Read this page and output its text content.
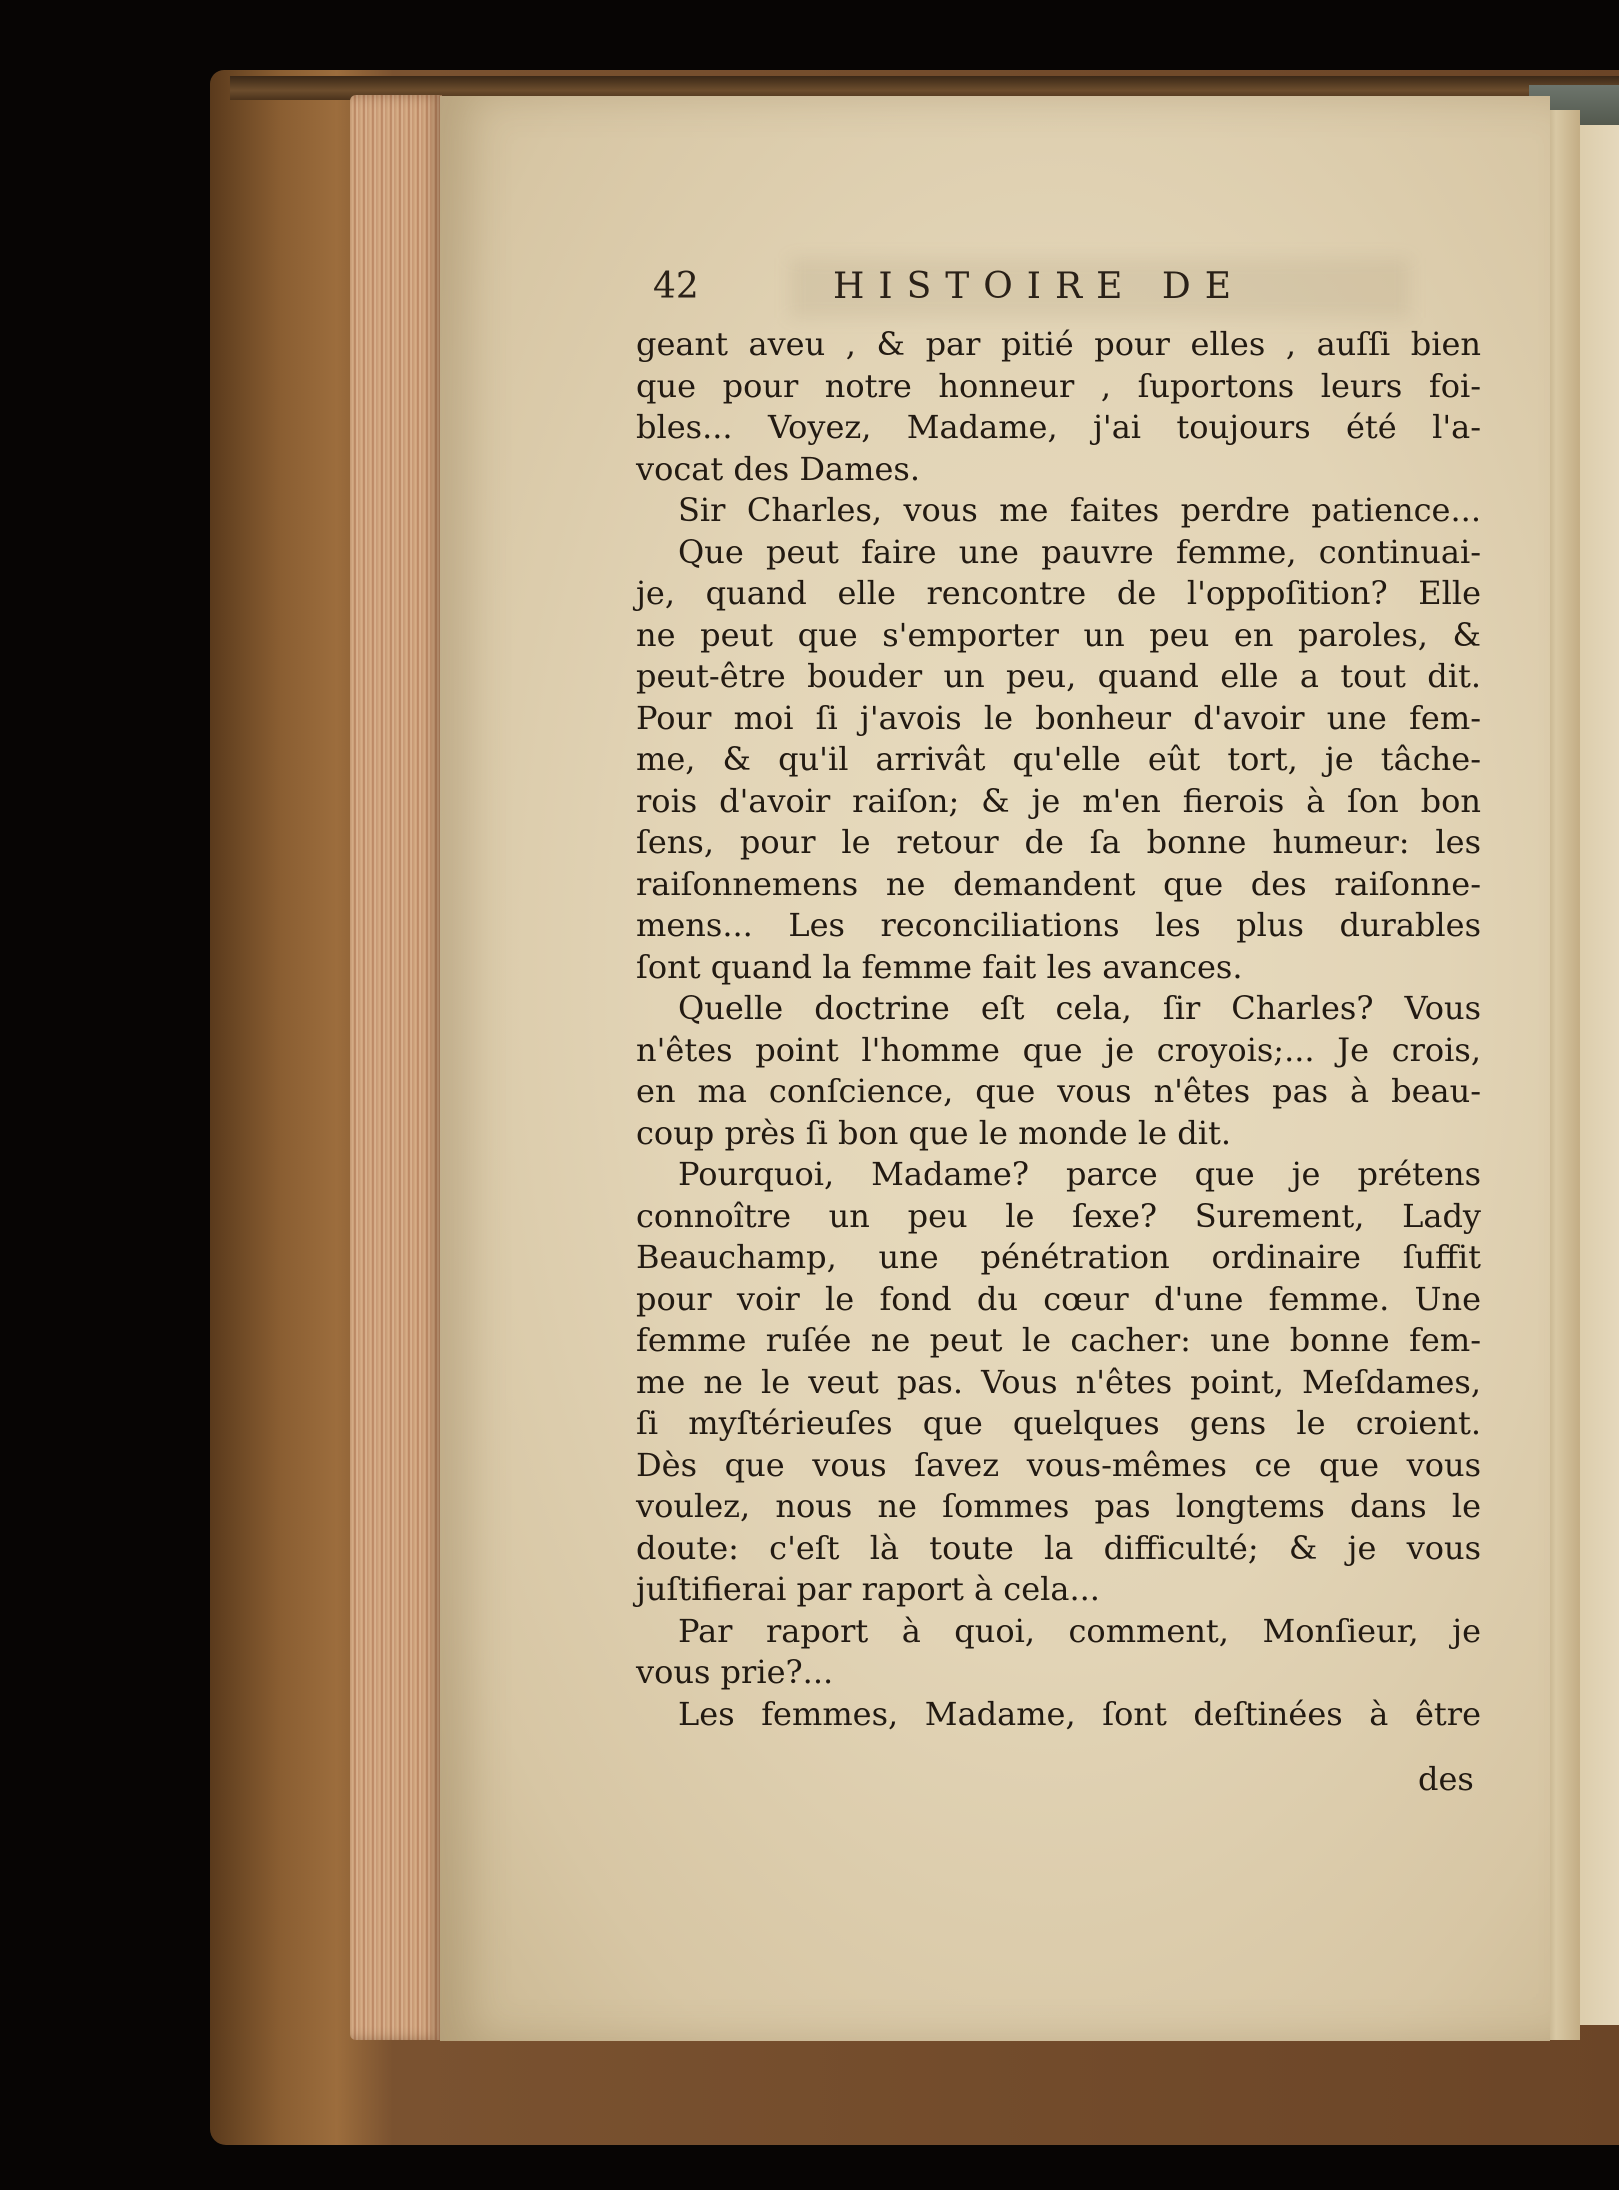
42	HISTOIRE DE
geant aveu , & par pitié pour elles , auſſi bien
que pour notre honneur , ſuportons leurs foi-
bles... Voyez, Madame, j'ai toujours été l'a-
vocat des Dames.
Sir Charles, vous me faites perdre patience...
Que peut faire une pauvre femme, continuai-
je, quand elle rencontre de l'oppoſition? Elle
ne peut que s'emporter un peu en paroles, &
peut-être bouder un peu, quand elle a tout dit.
Pour moi ſi j'avois le bonheur d'avoir une fem-
me, & qu'il arrivât qu'elle eût tort, je tâche-
rois d'avoir raiſon; & je m'en fierois à ſon bon
ſens, pour le retour de ſa bonne humeur: les
raiſonnemens ne demandent que des raiſonne-
mens... Les reconciliations les plus durables
ſont quand la femme fait les avances.
Quelle doctrine eſt cela, ſir Charles? Vous
n'êtes point l'homme que je croyois;... Je crois,
en ma conſcience, que vous n'êtes pas à beau-
coup près ſi bon que le monde le dit.
Pourquoi, Madame? parce que je prétens
connoître un peu le ſexe? Surement, Lady
Beauchamp, une pénétration ordinaire ſuffit
pour voir le fond du cœur d'une femme. Une
femme ruſée ne peut le cacher: une bonne fem-
me ne le veut pas. Vous n'êtes point, Meſdames,
ſi myſtérieuſes que quelques gens le croient.
Dès que vous ſavez vous-mêmes ce que vous
voulez, nous ne ſommes pas longtems dans le
doute: c'eſt là toute la difficulté; & je vous
juſtifierai par raport à cela...
Par raport à quoi, comment, Monſieur, je
vous prie?...
Les femmes, Madame, ſont deſtinées à être
des
